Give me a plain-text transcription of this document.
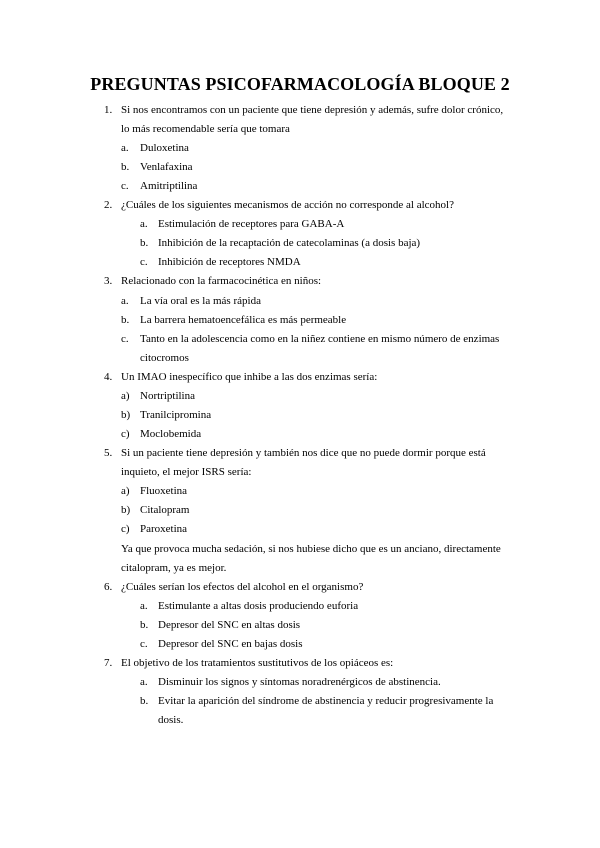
PREGUNTAS PSICOFARMACOLOGÍA BLOQUE 2
1. Si nos encontramos con un paciente que tiene depresión y además, sufre dolor crónico,
lo más recomendable sería que tomara
a. Duloxetina
b. Venlafaxina
c. Amitriptilina
2. ¿Cuáles de los siguientes mecanismos de acción no corresponde al alcohol?
a. Estimulación de receptores para GABA-A
b. Inhibición de la recaptación de catecolaminas (a dosis baja)
c. Inhibición de receptores NMDA
3. Relacionado con la farmacocinética en niños:
a. La vía oral es la más rápida
b. La barrera hematoencefálica es más permeable
c. Tanto en la adolescencia como en la niñez contiene en mismo número de enzimas
citocromos
4. Un IMAO inespecífico que inhibe a las dos enzimas sería:
a) Nortriptilina
b) Tranilcipromina
c) Moclobemida
5. Si un paciente tiene depresión y también nos dice que no puede dormir porque está
inquieto, el mejor ISRS sería:
a) Fluoxetina
b) Citalopram
c) Paroxetina
Ya que provoca mucha sedación, si nos hubiese dicho que es un anciano, directamente
citalopram, ya es mejor.
6. ¿Cuáles serían los efectos del alcohol en el organismo?
a. Estimulante a altas dosis produciendo euforia
b. Depresor del SNC en altas dosis
c. Depresor del SNC en bajas dosis
7. El objetivo de los tratamientos sustitutivos de los opiáceos es:
a. Disminuir los signos y síntomas noradrenérgicos de abstinencia.
b. Evitar la aparición del síndrome de abstinencia y reducir progresivamente la
dosis.
